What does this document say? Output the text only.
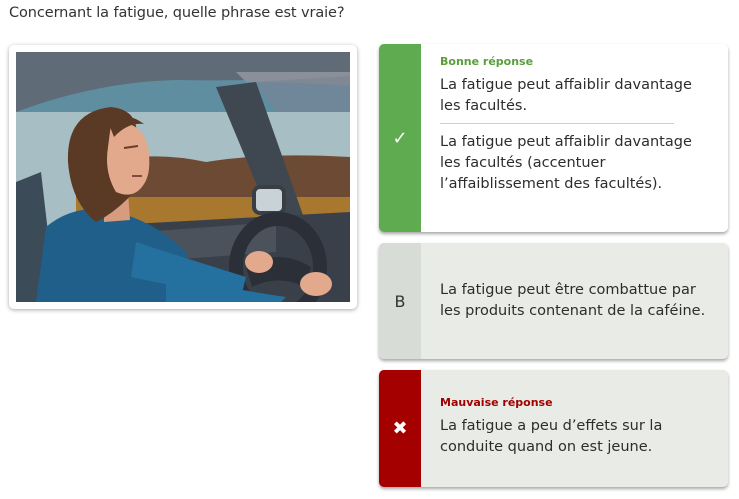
Concernant la fatigue, quelle phrase est vraie?
✓
Bonne réponse
La fatigue peut affaiblir davantage les facultés.
La fatigue peut affaiblir davantage les facultés (accentuer l’affaiblissement des facultés).
B
La fatigue peut être combattue par les produits contenant de la caféine.
✖
Mauvaise réponse
La fatigue a peu d’effets sur la conduite quand on est jeune.
